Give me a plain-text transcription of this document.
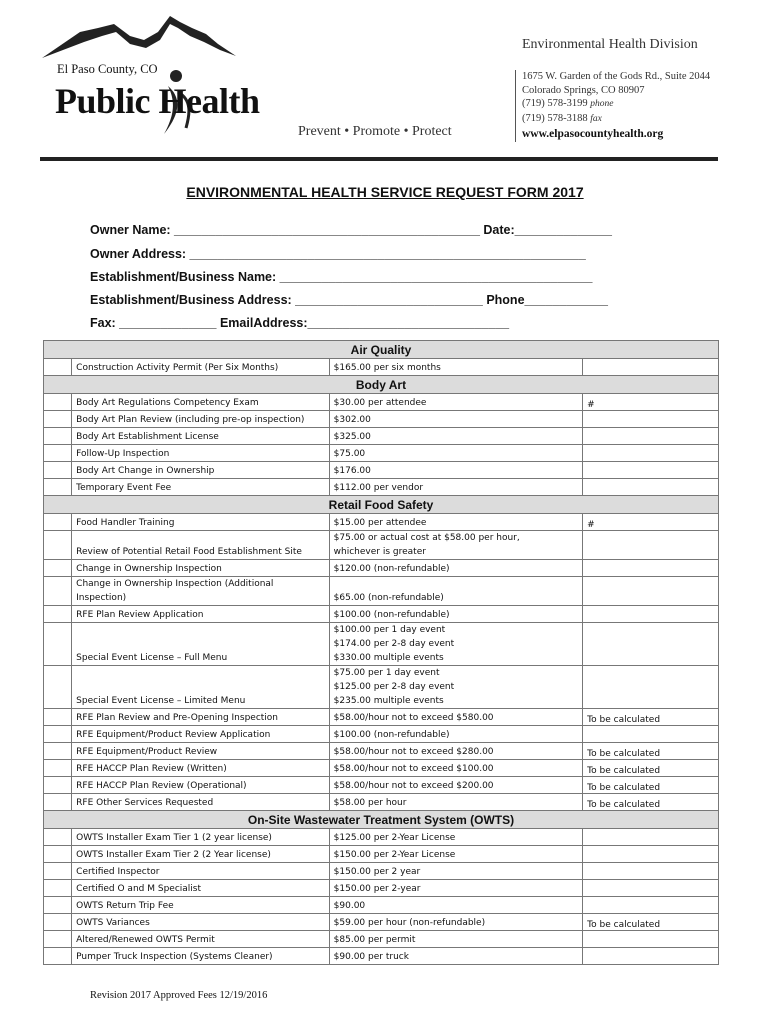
El Paso County, CO
Public Health
Prevent • Promote • Protect
Environmental Health Division
1675 W. Garden of the Gods Rd., Suite 2044
Colorado Springs, CO 80907
(719) 578-3199 phone
(719) 578-3188 fax
www.elpasocountyhealth.org
ENVIRONMENTAL HEALTH SERVICE REQUEST FORM 2017
Owner Name: ____________________________________________ Date:______________
Owner Address: _________________________________________________________
Establishment/Business Name: _____________________________________________
Establishment/Business Address: ___________________________ Phone____________
Fax: ______________ EmailAddress:_____________________________
Air Quality			

	Construction Activity Permit (Per Six Months)	$165.00 per six months	

Body Art			

	Body Art Regulations Competency Exam	$30.00 per attendee	#

	Body Art Plan Review (including pre-op inspection)	$302.00	

	Body Art Establishment License	$325.00	

	Follow-Up Inspection	$75.00	

	Body Art Change in Ownership	$176.00	

	Temporary Event Fee	$112.00 per vendor	

Retail Food Safety			

	Food Handler Training	$15.00 per attendee	#

	Review of Potential Retail Food Establishment Site	$75.00 or actual cost at $58.00 per hour,
whichever is greater	

	Change in Ownership Inspection	$120.00 (non-refundable)	

	Change in Ownership Inspection (Additional
Inspection)	$65.00 (non-refundable)	

	RFE Plan Review Application	$100.00 (non-refundable)	

	Special Event License – Full Menu	$100.00 per 1 day event
$174.00 per 2-8 day event
$330.00 multiple events	

	Special Event License – Limited Menu	$75.00 per 1 day event
$125.00 per 2-8 day event
$235.00 multiple events	

	RFE Plan Review and Pre-Opening Inspection	$58.00/hour not to exceed $580.00	To be calculated

	RFE Equipment/Product Review Application	$100.00 (non-refundable)	

	RFE Equipment/Product Review	$58.00/hour not to exceed $280.00	To be calculated

	RFE HACCP Plan Review (Written)	$58.00/hour not to exceed $100.00	To be calculated

	RFE HACCP Plan Review (Operational)	$58.00/hour not to exceed $200.00	To be calculated

	RFE Other Services Requested	$58.00 per hour	To be calculated
On-Site Wastewater Treatment System (OWTS)			

	OWTS Installer Exam Tier 1 (2 year license)	$125.00 per 2-Year License	

	OWTS Installer Exam Tier 2 (2 Year license)	$150.00 per 2-Year License	

	Certified Inspector	$150.00 per 2 year	

	Certified O and M Specialist	$150.00 per 2-year	

	OWTS Return Trip Fee	$90.00	

	OWTS Variances	$59.00 per hour (non-refundable)	To be calculated

	Altered/Renewed OWTS Permit	$85.00 per permit	

	Pumper Truck Inspection (Systems Cleaner)	$90.00 per truck	

Revision 2017 Approved Fees 12/19/2016
